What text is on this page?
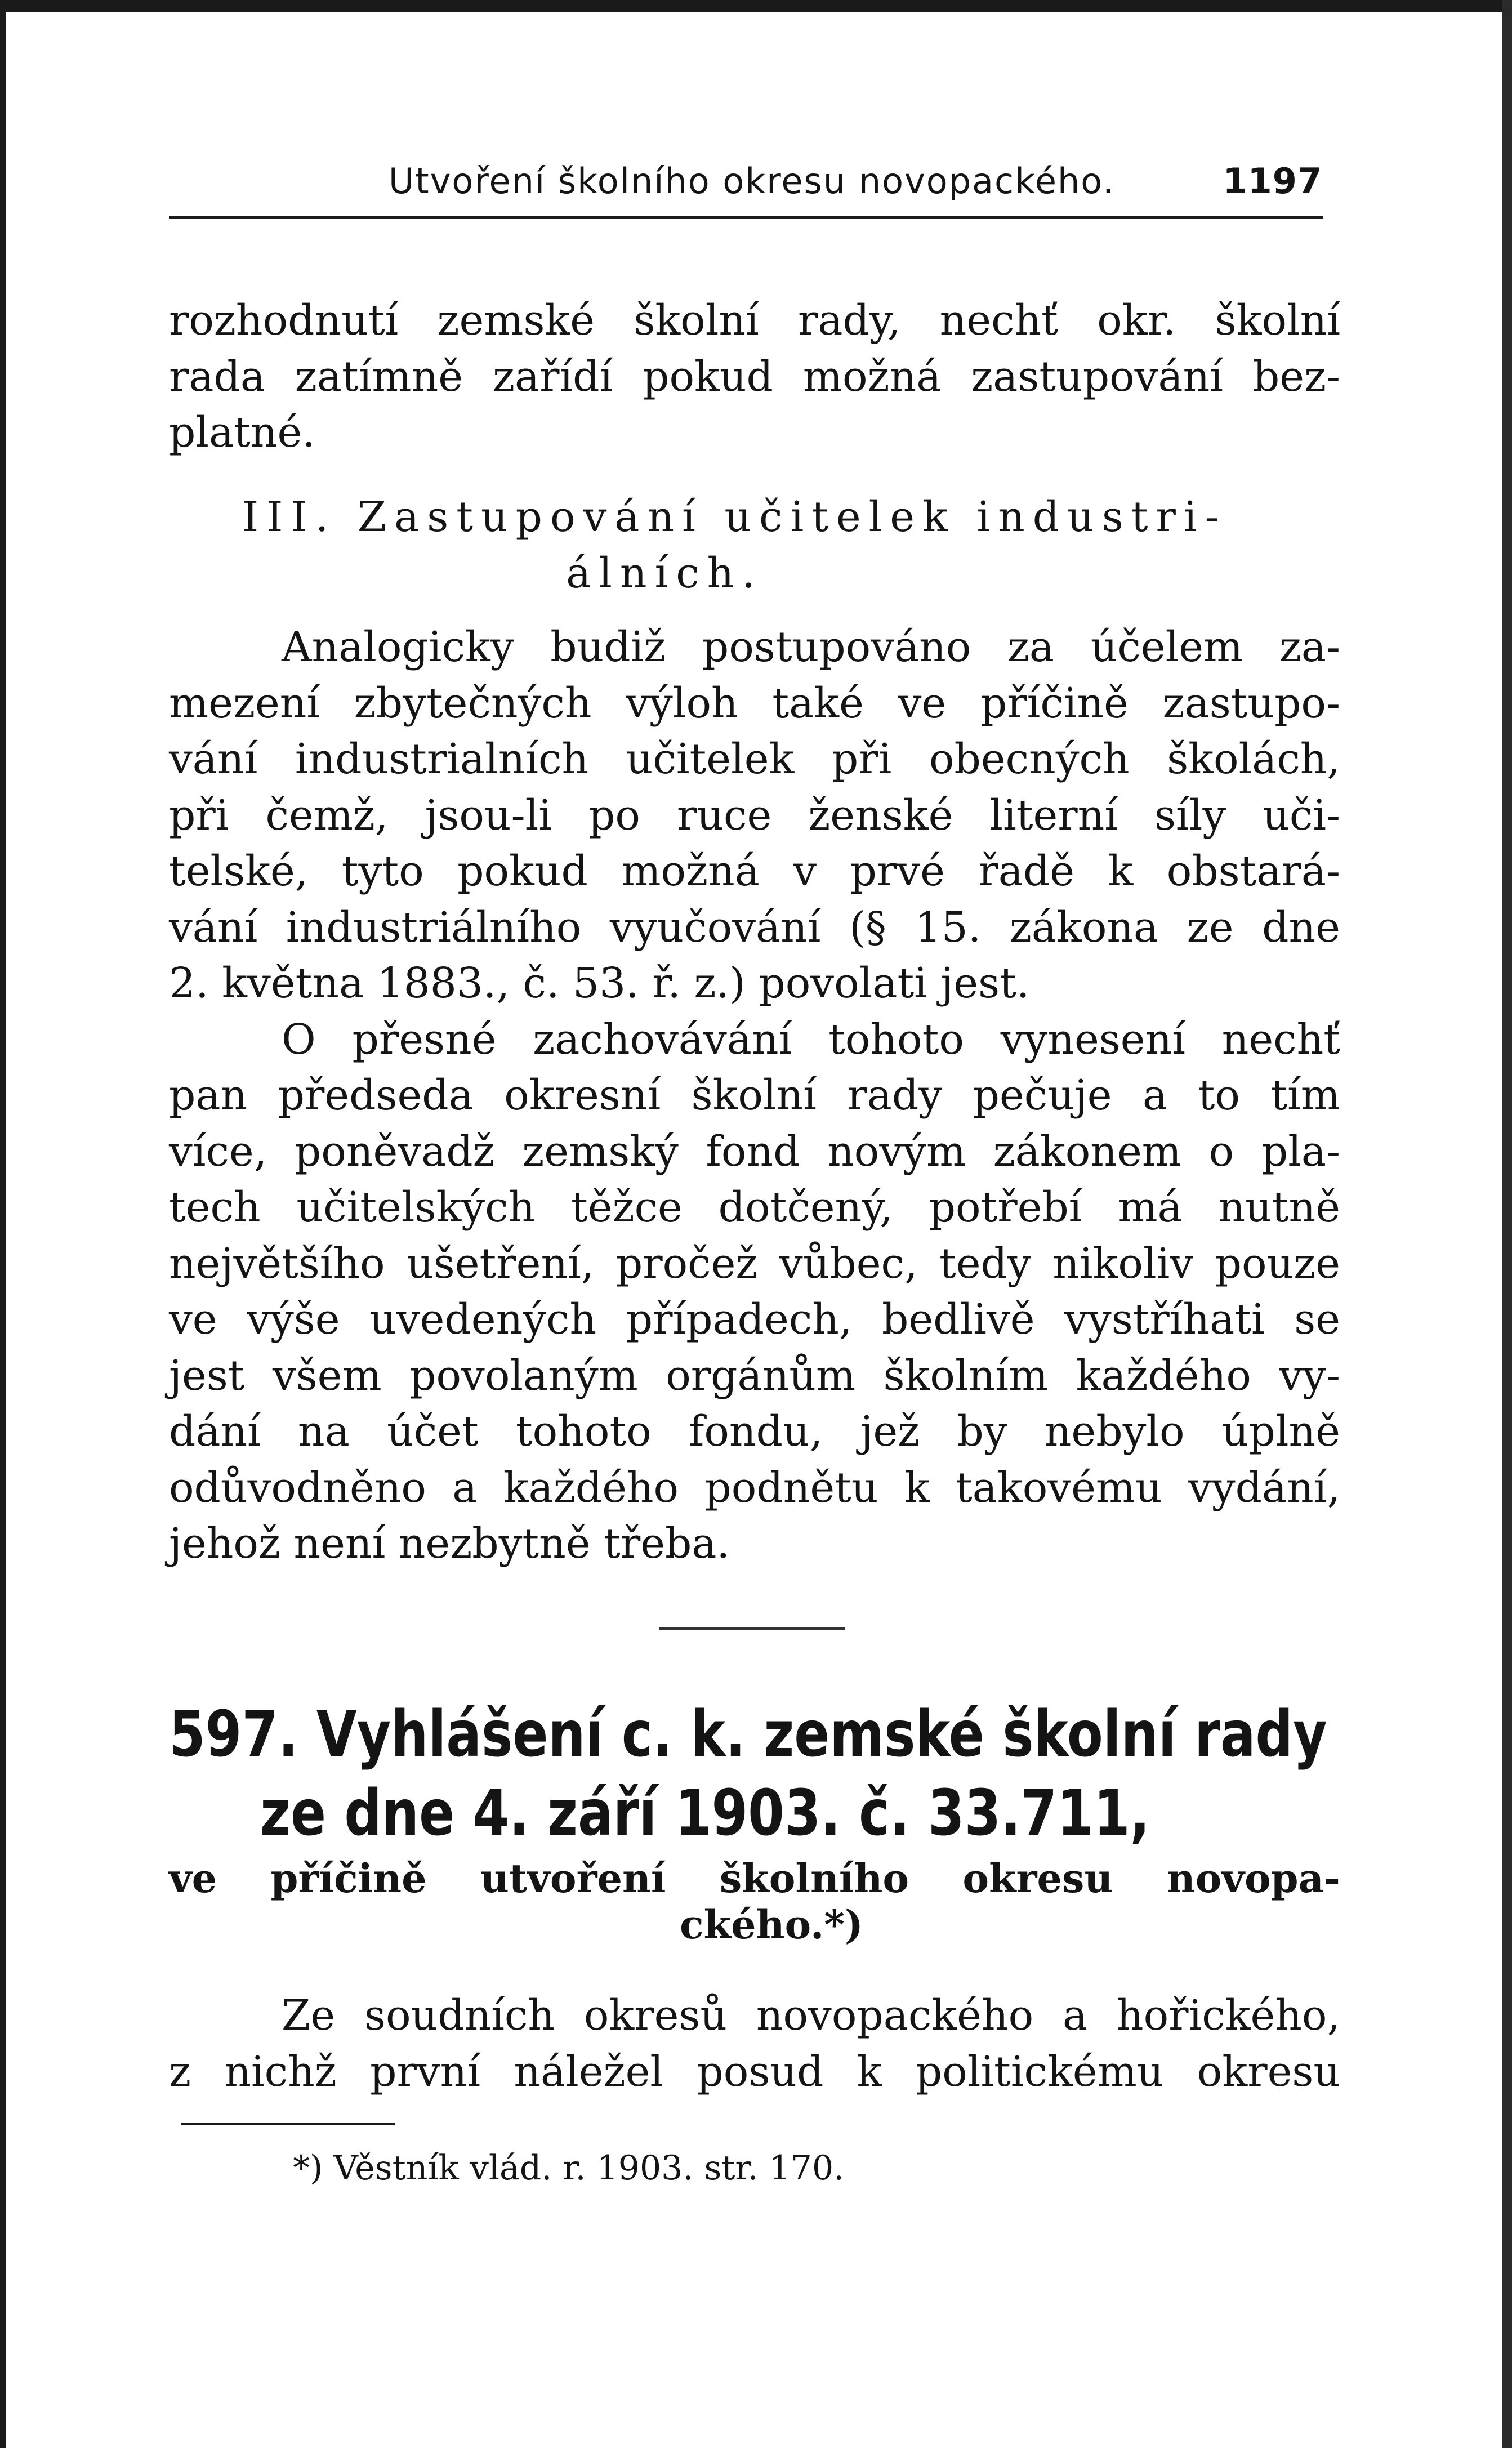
Utvoření školního okresu novopackého.	1197
rozhodnutí zemské školní rady, nechť okr. školní
rada zatímně zařídí pokud možná zastupování bez-
platné.
III. Zastupování učitelek industri-
álních.
Analogicky budiž postupováno za účelem za-
mezení zbytečných výloh také ve příčině zastupo-
vání industrialních učitelek při obecných školách,
při čemž, jsou-li po ruce ženské literní síly uči-
telské, tyto pokud možná v prvé řadě k obstará-
vání industriálního vyučování (§ 15. zákona ze dne
2. května 1883., č. 53. ř. z.) povolati jest.
O přesné zachovávání tohoto vynesení nechť
pan předseda okresní školní rady pečuje a to tím
více, poněvadž zemský fond novým zákonem o pla-
tech učitelských těžce dotčený, potřebí má nutně
největšího ušetření, pročež vůbec, tedy nikoliv pouze
ve výše uvedených případech, bedlivě vystříhati se
jest všem povolaným orgánům školním každého vy-
dání na účet tohoto fondu, jež by nebylo úplně
odůvodněno a každého podnětu k takovému vydání,
jehož není nezbytně třeba.
597. Vyhlášení c. k. zemské školní rady
ze dne 4. září 1903. č. 33.711,
ve příčině utvoření školního okresu novopa-
ckého.*)
Ze soudních okresů novopackého a hořického,
z nichž první náležel posud k politickému okresu
*) Věstník vlád. r. 1903. str. 170.
